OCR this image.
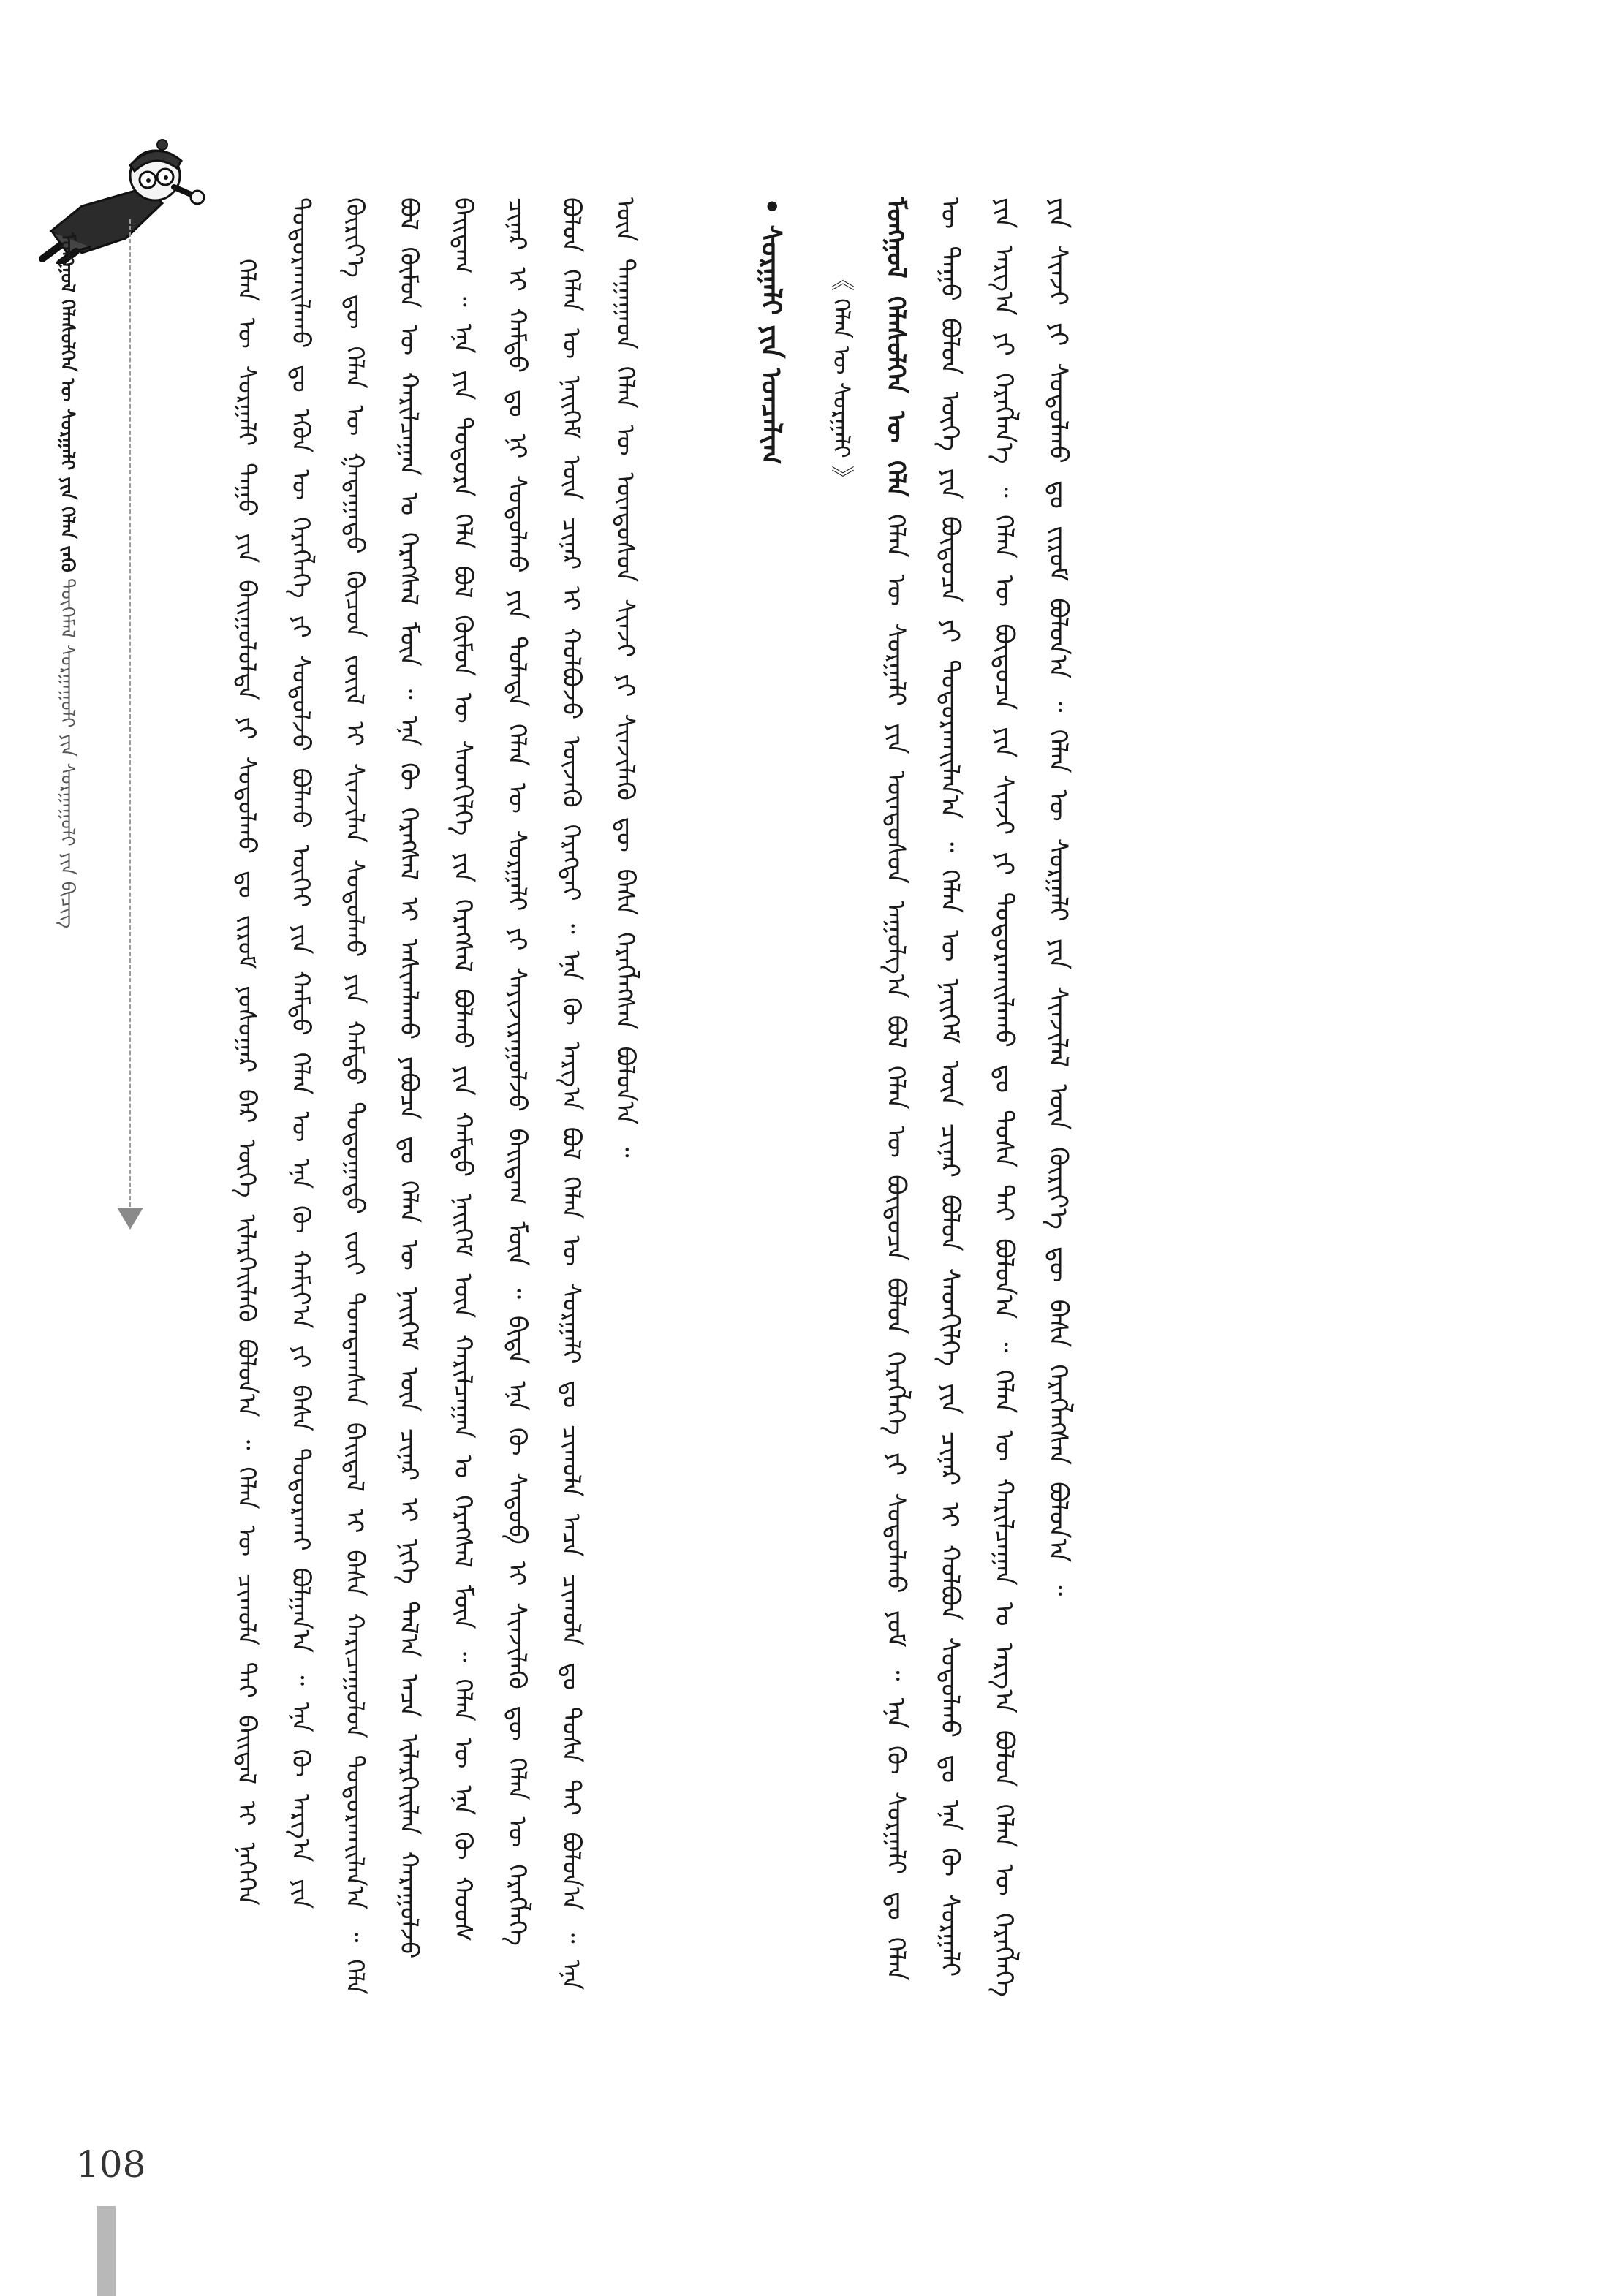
ᠮᠣᠩᠭᠣᠯ ᠬᠡᠯᠡᠰᠦᠯᠭᠡᠨ ᠦ ᠰᠤᠷᠭᠠᠯᠢ ᠶᠢᠨ ᠬᠡᠯᠡᠨ ᠵᠡᠭᠦ ᠲᠦᠭᠡᠮᠡᠯ ᠰᠤᠷᠭᠠᠭᠤᠯᠢ ᠶᠢᠨ ᠰᠤᠷᠭᠠᠭᠤᠯᠢ ᠶᠢᠨ ᠪᠢᠴᠢᠭ	ᠬᠡᠯᠡᠨ ᠦ ᠰᠤᠷᠭᠠᠯᠢ ᠳᠠᠭᠤ ᠶᠢᠨ ᠪᠠᠢᠭᠤᠯᠤᠯᠲᠠ ᠶᠢ ᠰᠤᠳᠤᠯᠬᠤ ᠳᠤ ᠵᠢᠷᠤᠮ ᠶᠣᠰᠣᠭᠠᠷ ᠪᠠᠷ ᠦᠭᠡ ᠢᠯᠡᠷᠬᠡᠢᠯᠡᠬᠦ ᠪᠤᠯᠤᠨ᠎ᠠ ᠃ ᠬᠡᠯᠡᠨ ᠦ ᠴᠢᠬᠤᠯᠠ ᠲᠠᠢ ᠪᠠᠢᠳᠠᠯ ᠢ ᠨᠡᠭᠡᠭᠡᠨ ᠲᠣᠳᠣᠷᠬᠠᠢᠯᠠᠬᠤ ᠳᠤ ᠡᠭᠦᠨ ᠦ ᠬᠡᠷᠡᠭᠯᠡᠭᠡ ᠶᠢ ᠰᠤᠳᠤᠯᠵᠤ ᠪᠣᠯᠬᠤ ᠦᠭᠡᠢ ᠶᠢᠨ ᠬᠠᠮᠲᠤ ᠬᠡᠯᠡᠨ ᠦ ᠡᠨᠡ ᠬᠦ ᠬᠠᠮᠢᠶ᠎ᠠ ᠶᠢ ᠪᠠᠰᠠ ᠲᠣᠳᠤᠷᠬᠠᠢ ᠪᠣᠯᠭᠠᠨ᠎ᠠ ᠃ ᠡᠨᠡ ᠬᠦ ᠠᠷᠭ᠎ᠠ ᠶᠢᠨ ᠬᠦᠷᠢᠶ᠎ᠡ ᠳᠦ ᠬᠡᠯᠡᠨ ᠦ ᠭᠠᠳᠠᠭᠠᠳᠤ ᠬᠦᠴᠦᠨ ᠵᠦᠢᠯ ᠢ ᠰᠢᠨᠵᠢᠯᠡᠨ ᠰᠤᠳᠤᠯᠬᠤ ᠶᠢᠨ ᠬᠠᠮᠲᠤ ᠳᠣᠲᠣᠭᠠᠳᠤ ᠵᠦᠢ ᠲᠣᠭᠲᠠᠭᠰᠠᠨ ᠪᠠᠢᠳᠠᠯ ᠢ ᠪᠠᠰᠠ ᠬᠠᠷᠢᠴᠠᠭᠤᠯᠤᠨ ᠲᠣᠳᠣᠷᠬᠠᠢᠯᠠᠨ᠎ᠠ ᠃ ᠬᠡᠯᠡ ᠪᠣᠯ ᠬᠦᠮᠦᠨ ᠦ ᠬᠠᠷᠢᠯᠴᠠᠭᠠᠨ ᠤ ᠬᠡᠷᠡᠭᠰᠡᠯ ᠮᠥᠨ ᠃ ᠡᠨᠡ ᠬᠦ ᠬᠡᠷᠡᠭᠰᠡᠯ ᠢ ᠠᠰᠢᠭᠯᠠᠬᠤ ᠶᠠᠪᠤᠴᠠ ᠳᠤ ᠬᠡᠯᠡᠨ ᠦ ᠨᠡᠢᠭᠡᠮ ᠦᠨ ᠴᠢᠨᠠᠷ ᠢ ᠨᠢᠭᠡ ᠲᠠᠯ᠎ᠠ ᠠᠴᠠ ᠢᠯᠡᠷᠬᠡᠢᠯᠡᠨ ᠬᠠᠷᠠᠭᠤᠯᠵᠤ ᠪᠠᠢᠳᠠᠭ ᠃ ᠡᠨᠡ ᠶᠢᠨ ᠳᠣᠲᠣᠷᠠ ᠬᠡᠯᠡ ᠪᠣᠯ ᠬᠦᠮᠦᠨ ᠦ ᠰᠡᠳᠬᠢᠯᠭᠡ ᠶᠢᠨ ᠬᠡᠷᠡᠭᠰᠡᠯ ᠪᠣᠯᠬᠤ ᠶᠢᠨ ᠬᠠᠮᠲᠤ ᠨᠡᠢᠭᠡᠮ ᠦᠨ ᠬᠠᠷᠢᠯᠴᠠᠭᠠᠨ ᠤ ᠬᠡᠷᠡᠭᠰᠡᠯ ᠮᠥᠨ ᠃ ᠬᠡᠯᠡᠨ ᠦ ᠡᠨᠡ ᠬᠦ ᠬᠣᠣᠰ ᠴᠢᠨᠠᠷ ᠢ ᠬᠠᠮᠲᠤ ᠳᠤ ᠨᠢ ᠰᠤᠳᠤᠯᠬᠤ ᠶᠢᠨ ᠲᠤᠯᠠᠳᠠ ᠬᠡᠯᠡᠨ ᠦ ᠰᠤᠷᠭᠠᠯᠢ ᠶᠢ ᠰᠠᠶᠢᠵᠢᠷᠠᠭᠤᠯᠵᠤ ᠪᠠᠢᠳᠠᠭ ᠮᠥᠨ ᠃ ᠪᠢᠳᠡ ᠡᠨᠡ ᠬᠦ ᠰᠡᠳᠦᠪ ᠢ ᠰᠢᠨᠵᠢᠯᠡᠬᠦ ᠳᠦ ᠬᠡᠯᠡᠨ ᠦ ᠬᠡᠷᠡᠭᠯᠡᠭᠡ ᠪᠣᠯᠤᠨ ᠬᠡᠯᠡᠨ ᠦ ᠨᠡᠢᠭᠡᠮ ᠦᠨ ᠴᠢᠨᠠᠷ ᠢ ᠬᠣᠯᠪᠣᠵᠤ ᠦᠵᠡᠬᠦ ᠬᠡᠷᠡᠭᠲᠡᠢ ᠃ ᠡᠨᠡ ᠬᠦ ᠠᠷᠭ᠎ᠠ ᠪᠣᠯ ᠬᠡᠯᠡᠨ ᠦ ᠰᠤᠷᠭᠠᠯᠢ ᠳᠤ ᠴᠢᠬᠤᠯᠠ ᠠᠴᠠ ᠴᠢᠬᠤᠯᠠ ᠳᠤ ᠲᠤᠰᠠ ᠲᠠᠢ ᠪᠤᠯᠤᠨ᠎ᠠ ᠃ ᠡᠨᠡ ᠦᠨ ᠳᠠᠭᠠᠭᠠᠳ ᠬᠡᠯᠡᠨ ᠦ ᠦᠨᠳᠦᠰᠦᠨ ᠰᠢᠨᠵᠢ ᠶᠢ ᠰᠢᠨᠵᠢᠯᠡᠬᠦ ᠳᠦ ᠪᠠᠰᠠ ᠬᠡᠷᠡᠭᠯᠡᠭᠰᠡᠨ ᠪᠣᠯᠤᠨ᠎ᠠ ᠃	• ᠰᠤᠷᠭᠠᠯᠢ ᠶᠢᠨ ᠣᠨᠴᠠᠯᠢᠭ	《 ᠬᠡᠯᠡᠨ ᠦ ᠰᠤᠷᠭᠠᠯᠢ 》	ᠮᠣᠩᠭᠣᠯ ᠬᠡᠯᠡᠰᠦᠯᠭᠡᠨ ᠦ ᠬᠡᠯᠡ ᠬᠡᠯᠡᠨ ᠦ ᠰᠤᠷᠭᠠᠯᠢ ᠶᠢᠨ ᠦᠨᠳᠦᠰᠦᠨ ᠠᠭᠤᠯᠭ᠎ᠠ ᠪᠣᠯ ᠬᠡᠯᠡᠨ ᠦ ᠪᠦᠲᠦᠴᠡ ᠪᠣᠯᠤᠨ ᠬᠡᠷᠡᠭᠯᠡᠭᠡ ᠶᠢ ᠰᠤᠳᠤᠯᠬᠤ ᠶᠤᠮ ᠃ ᠡᠨᠡ ᠬᠦ ᠰᠤᠷᠭᠠᠯᠢ ᠳᠤ ᠬᠡᠯᠡᠨ ᠦ ᠳᠠᠭᠤ ᠪᠣᠯᠤᠨ ᠦᠭᠡ ᠶᠢᠨ ᠪᠦᠲᠦᠴᠡ ᠶᠢ ᠲᠣᠳᠣᠷᠬᠠᠢᠯᠠᠨ᠎ᠠ ᠃ ᠬᠡᠯᠡᠨ ᠦ ᠨᠡᠢᠭᠡᠮ ᠦᠨ ᠴᠢᠨᠠᠷ ᠪᠣᠯᠤᠨ ᠰᠡᠳᠬᠢᠯᠭᠡ ᠶᠢᠨ ᠴᠢᠨᠠᠷ ᠢ ᠬᠣᠯᠪᠣᠨ ᠰᠤᠳᠤᠯᠬᠤ ᠳᠤ ᠡᠨᠡ ᠬᠦ ᠰᠤᠷᠭᠠᠯᠢ ᠶᠢᠨ ᠠᠷᠭ᠎ᠠ ᠶᠢ ᠬᠡᠷᠡᠭᠯᠡᠨ᠎ᠡ ᠃ ᠬᠡᠯᠡᠨ ᠦ ᠪᠦᠲᠦᠴᠡ ᠶᠢᠨ ᠰᠢᠨᠵᠢ ᠶᠢ ᠲᠣᠳᠣᠷᠬᠠᠢᠯᠠᠬᠤ ᠳᠤ ᠲᠤᠰᠠ ᠲᠠᠢ ᠪᠣᠯᠤᠨ᠎ᠠ ᠃ ᠬᠡᠯᠡᠨ ᠦ ᠬᠠᠷᠢᠯᠴᠠᠭᠠᠨ ᠤ ᠠᠷᠭ᠎ᠠ ᠪᠣᠯᠤᠨ ᠬᠡᠯᠡᠨ ᠦ ᠬᠡᠷᠡᠭᠯᠡᠭᠡ ᠶᠢᠨ ᠰᠢᠨᠵᠢ ᠶᠢ ᠰᠤᠳᠤᠯᠬᠤ ᠳᠤ ᠵᠢᠷᠤᠮ ᠪᠣᠯᠤᠨ᠎ᠠ ᠃ ᠬᠡᠯᠡᠨ ᠦ ᠰᠤᠷᠭᠠᠯᠢ ᠶᠢᠨ ᠰᠢᠨᠵᠢᠯᠡᠯ ᠦᠨ ᠬᠦᠷᠢᠶ᠎ᠡ ᠳᠦ ᠪᠠᠰᠠ ᠬᠡᠷᠡᠭᠯᠡᠭᠰᠡᠨ ᠪᠣᠯᠤᠨ᠎ᠠ ᠃
108
